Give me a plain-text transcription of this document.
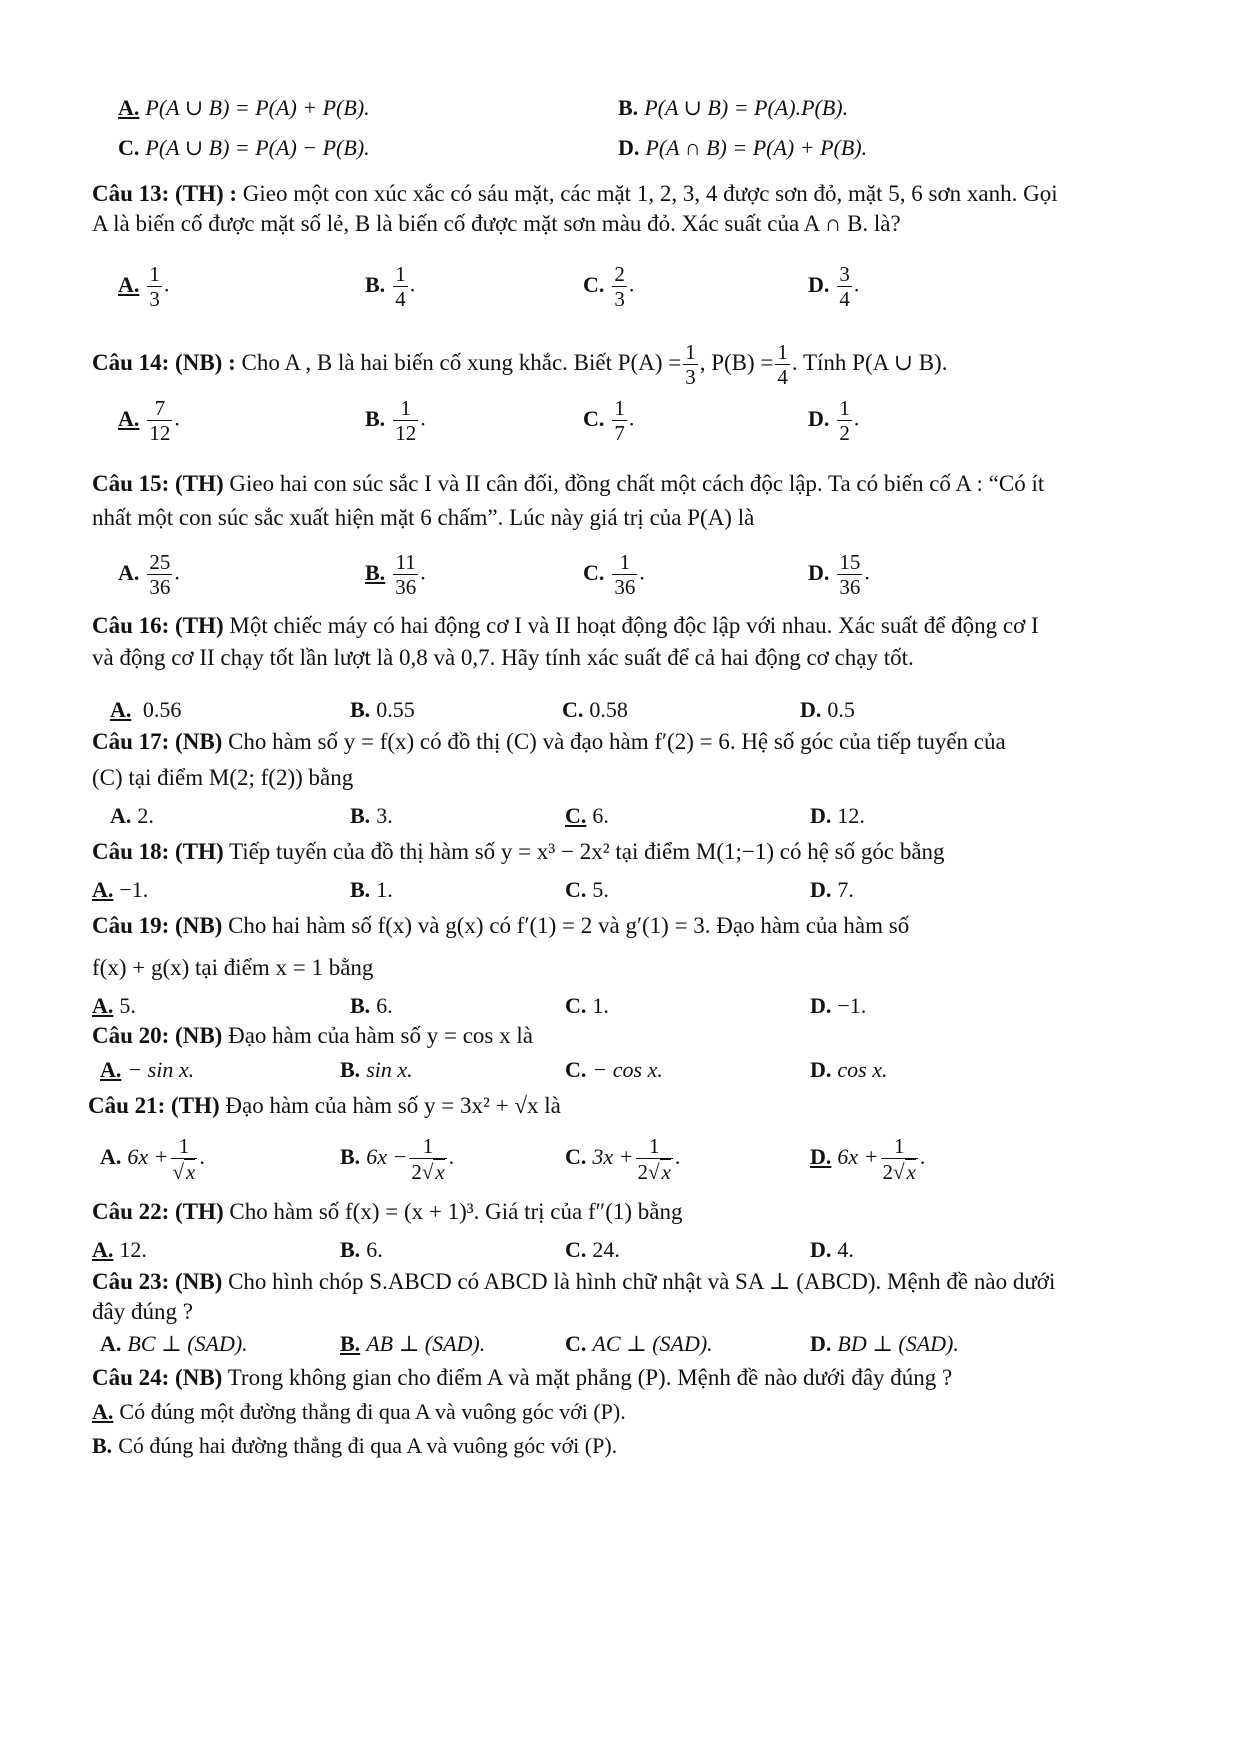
A. P(A ∪ B) = P(A) + P(B).	B. P(A ∪ B) = P(A).P(B).
C. P(A ∪ B) = P(A) − P(B).	D. P(A ∩ B) = P(A) + P(B).
Câu 13: (TH) : Gieo một con xúc xắc có sáu mặt, các mặt 1, 2, 3, 4 được sơn đỏ, mặt 5, 6 sơn xanh. Gọi
A là biến cố được mặt số lẻ, B là biến cố được mặt sơn màu đỏ. Xác suất của A ∩ B. là?
A. $\frac{1}{3}$ .	B. $\frac{1}{4}$ .	C. $\frac{2}{3}$ .	D. $\frac{3}{4}$ .
Câu 14: (NB) : Cho A , B là hai biến cố xung khắc. Biết $P(A) = \frac{1}{3}$ , $P(B) = \frac{1}{4}$ . Tính P(A ∪ B).
A. $\frac{7}{12}$ .	B. $\frac{1}{12}$ .	C. $\frac{1}{7}$ .	D. $\frac{1}{2}$ .
Câu 15: (TH) Gieo hai con súc sắc I và II cân đối, đồng chất một cách độc lập. Ta có biến cố A : “Có ít
nhất một con súc sắc xuất hiện mặt 6 chấm”. Lúc này giá trị của P(A) là
A. $\frac{25}{36}$ .	B. $\frac{11}{36}$ .	C. $\frac{1}{36}$ .	D. $\frac{15}{36}$ .
Câu 16: (TH) Một chiếc máy có hai động cơ I và II hoạt động độc lập với nhau. Xác suất để động cơ I
và động cơ II chạy tốt lần lượt là 0,8 và 0,7. Hãy tính xác suất để cả hai động cơ chạy tốt.
A. 0.56	B. 0.55	C. 0.58	D. 0.5
Câu 17: (NB) Cho hàm số y = f(x) có đồ thị (C) và đạo hàm f′(2) = 6. Hệ số góc của tiếp tuyến của
(C) tại điểm M(2; f(2)) bằng
A. 2.	B. 3.	C. 6.	D. 12.
Câu 18: (TH) Tiếp tuyến của đồ thị hàm số y = x³ − 2x² tại điểm M(1;−1) có hệ số góc bằng
A. −1.	B. 1.	C. 5.	D. 7.
Câu 19: (NB) Cho hai hàm số f(x) và g(x) có f′(1) = 2 và g′(1) = 3. Đạo hàm của hàm số
f(x) + g(x) tại điểm x = 1 bằng
A. 5.	B. 6.	C. 1.	D. −1.
Câu 20: (NB) Đạo hàm của hàm số y = cos x là
A. − sin x.	B. sin x.	C. − cos x.	D. cos x.
Câu 21: (TH) Đạo hàm của hàm số y = 3x² + √x là
A. $6x + \frac{1}{√x}$ .	B. $6x - \frac{1}{2√x}$ .	C. $3x + \frac{1}{2√x}$ .	D. $6x + \frac{1}{2√x}$ .
Câu 22: (TH) Cho hàm số f(x) = (x + 1)³. Giá trị của f″(1) bằng
A. 12.	B. 6.	C. 24.	D. 4.
Câu 23: (NB) Cho hình chóp S.ABCD có ABCD là hình chữ nhật và SA ⊥ (ABCD). Mệnh đề nào dưới
đây đúng ?
A. BC ⊥ (SAD).	B. AB ⊥ (SAD).	C. AC ⊥ (SAD).	D. BD ⊥ (SAD).
Câu 24: (NB) Trong không gian cho điểm A và mặt phẳng (P). Mệnh đề nào dưới đây đúng ?
A. Có đúng một đường thẳng đi qua A và vuông góc với (P).
B. Có đúng hai đường thẳng đi qua A và vuông góc với (P).
